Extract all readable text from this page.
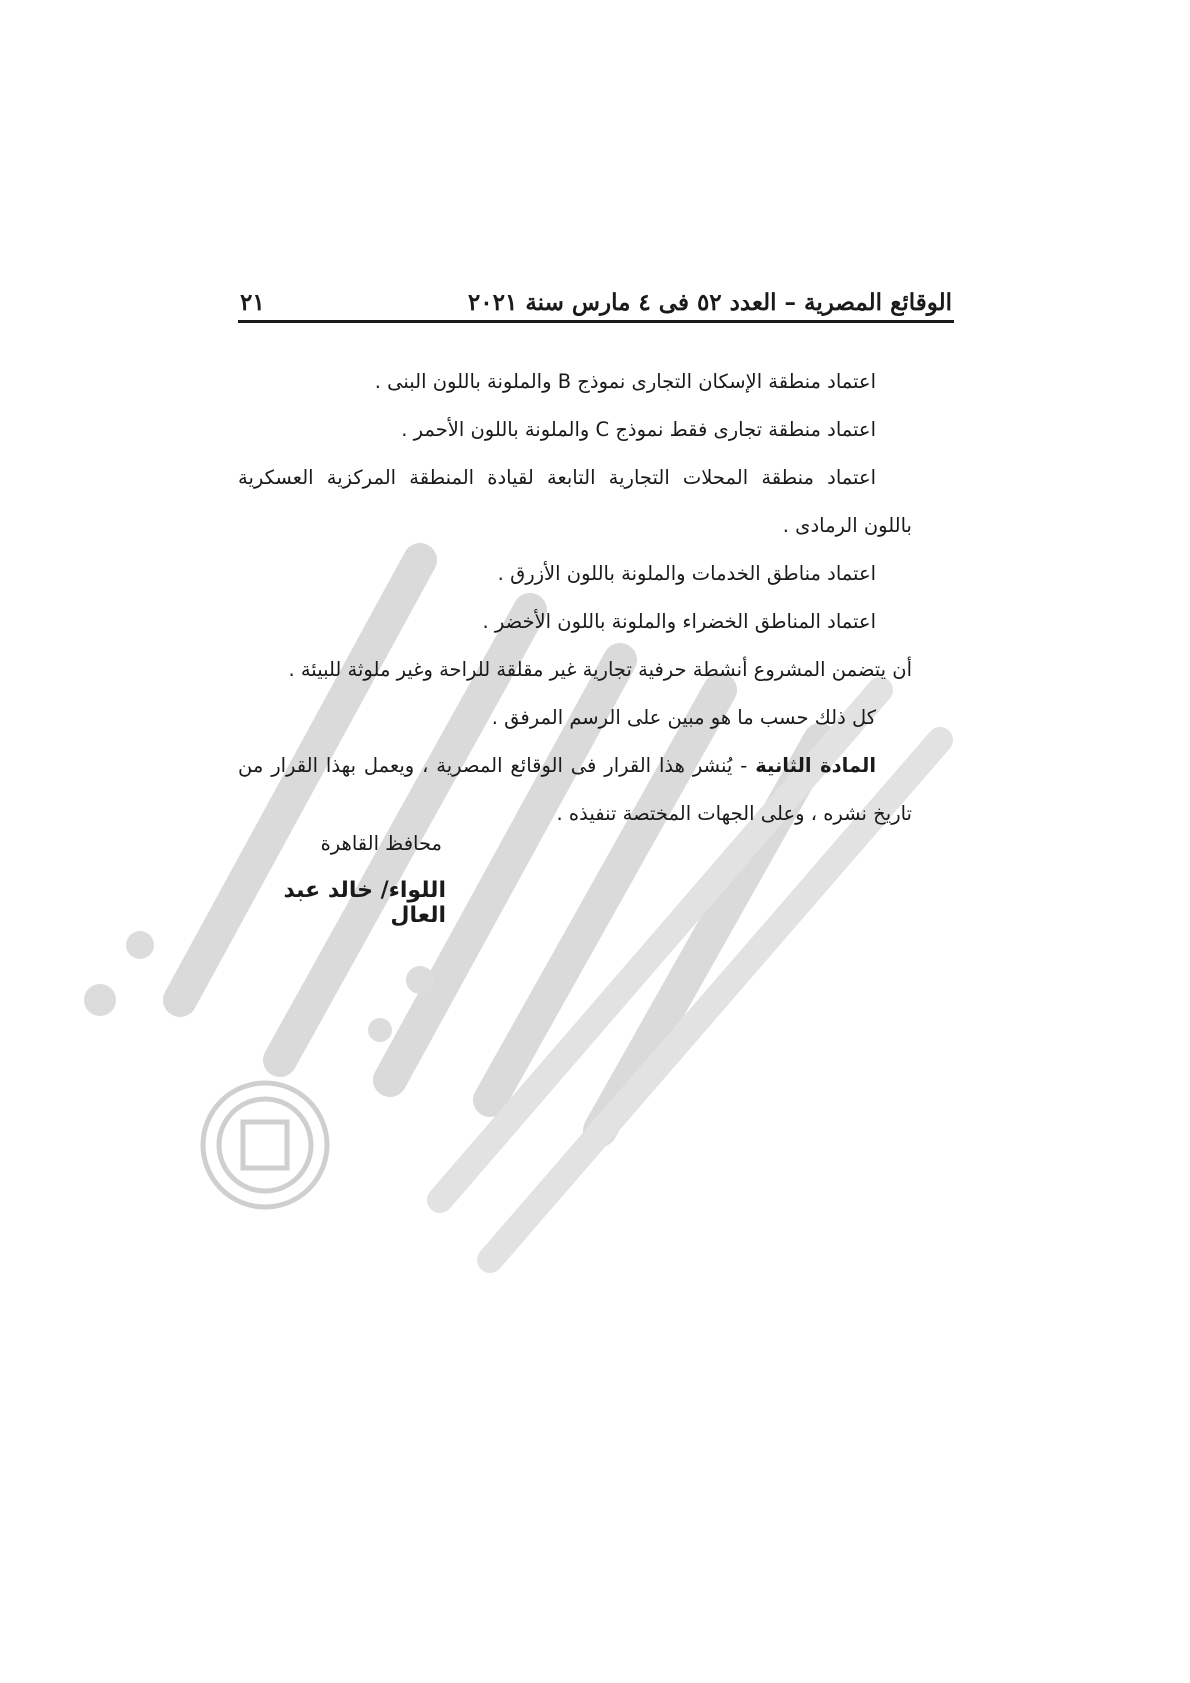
الوقائع المصرية – العدد ٥٢ فى ٤ مارس سنة ٢٠٢١
٢١
اعتماد منطقة الإسكان التجارى نموذج B والملونة باللون البنى .
اعتماد منطقة تجارى فقط نموذج C والملونة باللون الأحمر .
اعتماد منطقة المحلات التجارية التابعة لقيادة المنطقة المركزية العسكرية
باللون الرمادى .
اعتماد مناطق الخدمات والملونة باللون الأزرق .
اعتماد المناطق الخضراء والملونة باللون الأخضر .
أن يتضمن المشروع أنشطة حرفية تجارية غير مقلقة للراحة وغير ملوثة للبيئة .
كل ذلك حسب ما هو مبين على الرسم المرفق .
المادة الثانية - يُنشر هذا القرار فى الوقائع المصرية ، ويعمل بهذا القرار من
تاريخ نشره ، وعلى الجهات المختصة تنفيذه .
محافظ القاهرة
اللواء/ خالد عبد العال
